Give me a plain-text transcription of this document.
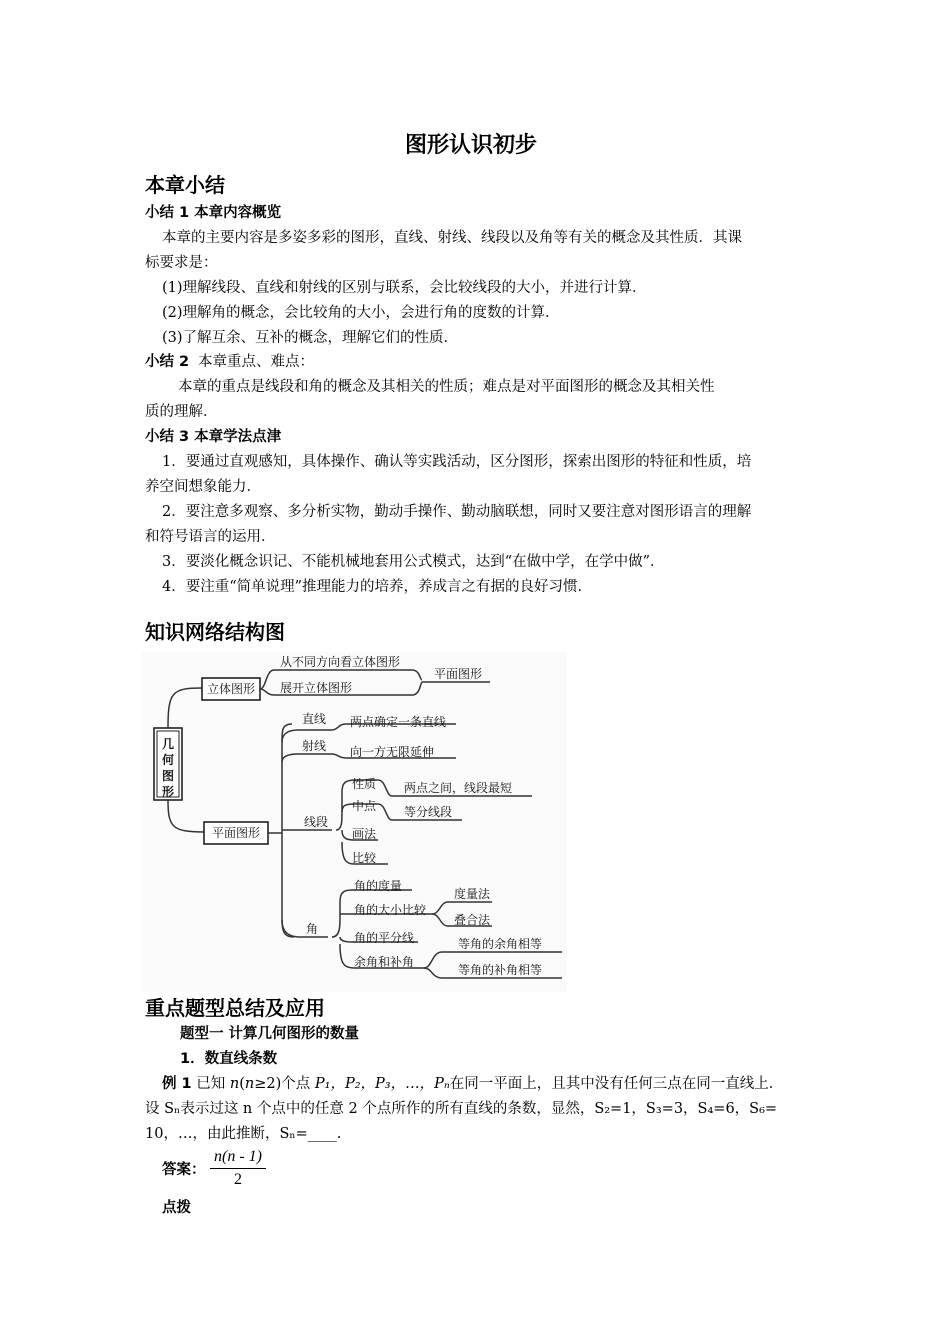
图形认识初步
本章小结
小结 1 本章内容概览
本章的主要内容是多姿多彩的图形，直线、射线、线段以及角等有关的概念及其性质．其课
标要求是：
(1)理解线段、直线和射线的区别与联系，会比较线段的大小，并进行计算．
(2)理解角的概念，会比较角的大小，会进行角的度数的计算．
(3)了解互余、互补的概念，理解它们的性质．
小结 2 本章重点、难点：
本章的重点是线段和角的概念及其相关的性质；难点是对平面图形的概念及其相关性
质的理解．
小结 3 本章学法点津
1．要通过直观感知，具体操作、确认等实践活动，区分图形，探索出图形的特征和性质，培
养空间想象能力．
2．要注意多观察、多分析实物，勤动手操作、勤动脑联想，同时又要注意对图形语言的理解
和符号语言的运用．
3．要淡化概念识记、不能机械地套用公式模式，达到“在做中学，在学中做”．
4．要注重“简单说理”推理能力的培养，养成言之有据的良好习惯．
知识网络结构图
几
何
图
形
立体图形
从不同方向看立体图形
展开立体图形
平面图形
平面图形
直线 两点确定一条直线
射线 向一方无限延伸
线段
性质
中点
画法
比较
两点之间，线段最短
等分线段
角
角的度量
角的大小比较
角的平分线
余角和补角
度量法
叠合法
等角的余角相等
等角的补角相等
重点题型总结及应用
题型一 计算几何图形的数量
1．数直线条数
例 1 已知 n(n≥2)个点 P₁，P₂，P₃，…，Pₙ在同一平面上，且其中没有任何三点在同一直线上．
设 Sₙ表示过这 n 个点中的任意 2 个点所作的所有直线的条数，显然，S₂=1，S₃=3，S₄=6，S₆=
10，…，由此推断，Sₙ=____.
答案： $\frac{n(n - 1)}{2}$
点拨
